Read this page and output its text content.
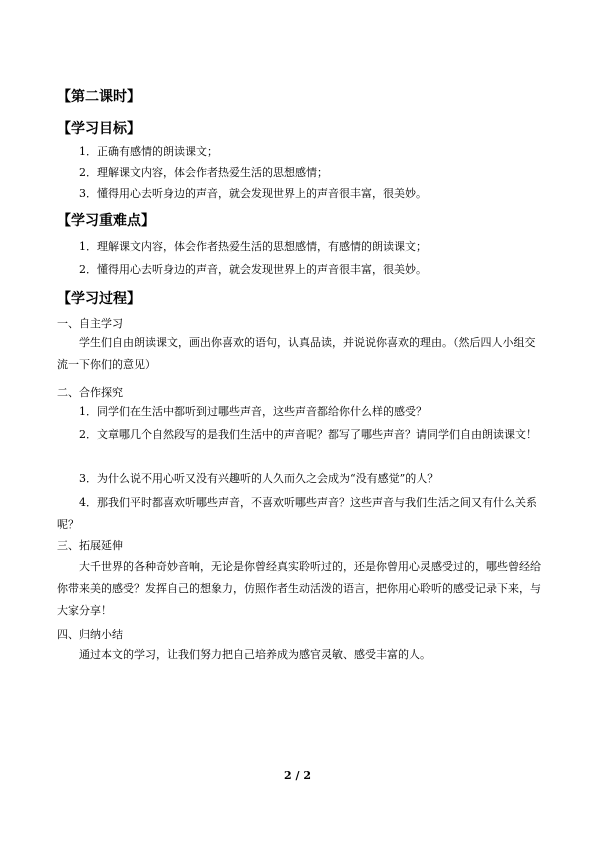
【第二课时】
【学习目标】
1．正确有感情的朗读课文；
2．理解课文内容，体会作者热爱生活的思想感情；
3．懂得用心去听身边的声音，就会发现世界上的声音很丰富，很美妙。
【学习重难点】
1．理解课文内容，体会作者热爱生活的思想感情，有感情的朗读课文；
2．懂得用心去听身边的声音，就会发现世界上的声音很丰富，很美妙。
【学习过程】
一、自主学习
学生们自由朗读课文，画出你喜欢的语句，认真品读，并说说你喜欢的理由。（然后四人小组交流一下你们的意见）
二、合作探究
1．同学们在生活中都听到过哪些声音，这些声音都给你什么样的感受？
2．文章哪几个自然段写的是我们生活中的声音呢？都写了哪些声音？请同学们自由朗读课文！
3．为什么说不用心听又没有兴趣听的人久而久之会成为“没有感觉”的人？
4．那我们平时都喜欢听哪些声音，不喜欢听哪些声音？这些声音与我们生活之间又有什么关系呢？
三、拓展延伸
大千世界的各种奇妙音响，无论是你曾经真实聆听过的，还是你曾用心灵感受过的，哪些曾经给你带来美的感受？发挥自己的想象力，仿照作者生动活泼的语言，把你用心聆听的感受记录下来，与大家分享！
四、归纳小结
通过本文的学习，让我们努力把自己培养成为感官灵敏、感受丰富的人。
2 / 2
